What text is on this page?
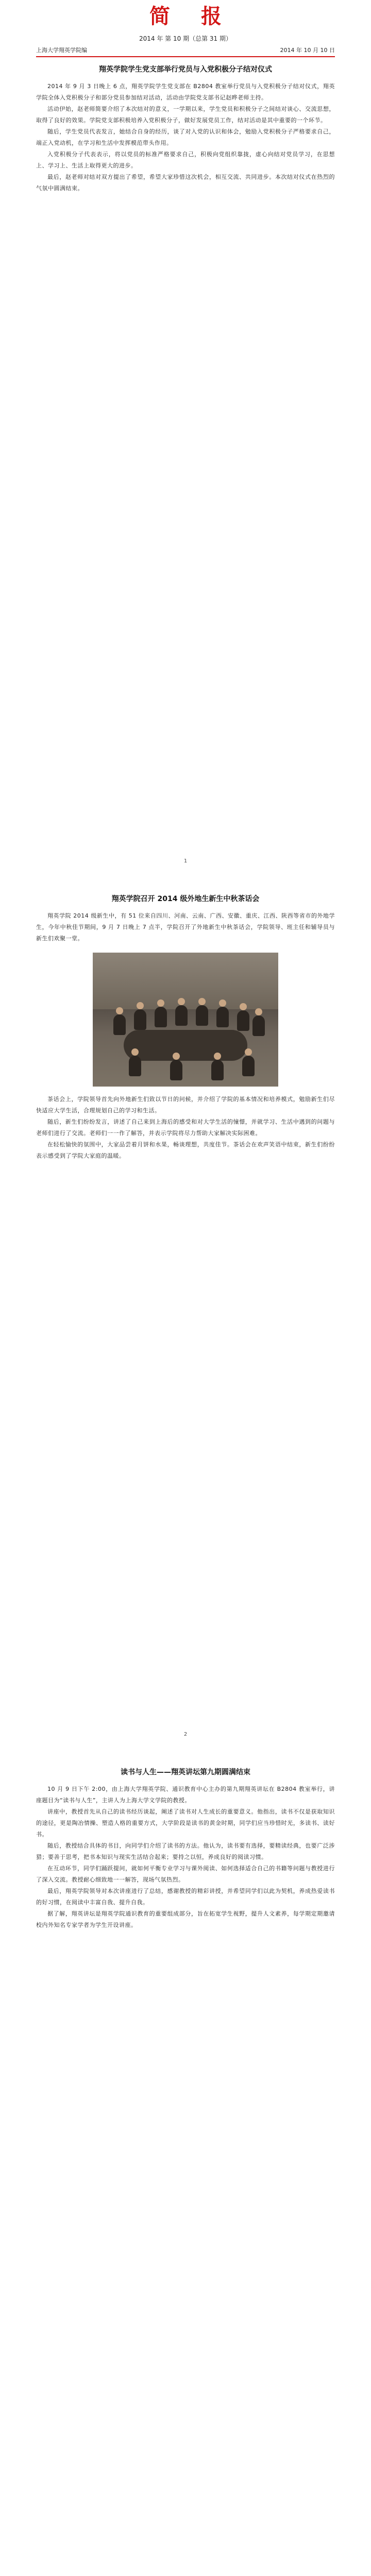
简报
2014 年 第 10 期（总第 31 期）
上海大学翔英学院编	2014 年 10 月 10 日
翔英学院学生党支部举行党员与入党积极分子结对仪式

2014 年 9 月 3 日晚上 6 点，翔英学院学生党支部在 B2804 教室举行党员与入党积极分子结对仪式，翔英学院全体入党积极分子和部分党员参加结对活动，活动由学院党支部书记赵晔老师主持。

活动伊始，赵老师简要介绍了本次结对的意义，一学期以来，学生党员和积极分子之间结对谈心、交流思想，取得了良好的效果。学院党支部积极培养入党积极分子，做好发展党员工作，结对活动是其中重要的一个环节。

随后，学生党员代表发言，她结合自身的经历，谈了对入党的认识和体会，勉励入党积极分子严格要求自己，端正入党动机，在学习和生活中发挥模范带头作用。

入党积极分子代表表示，将以党员的标准严格要求自己，积极向党组织靠拢，虚心向结对党员学习，在思想上、学习上、生活上取得更大的进步。

最后，赵老师对结对双方提出了希望，希望大家珍惜这次机会，相互交流、共同进步。本次结对仪式在热烈的气氛中圆满结束。

1
翔英学院召开 2014 级外地生新生中秋茶话会

翔英学院 2014 级新生中，有 51 位来自四川、河南、云南、广西、安徽、重庆、江西、陕西等省市的外地学生，今年中秋佳节期间，9 月 7 日晚上 7 点半，学院召开了外地新生中秋茶话会，学院领导、班主任和辅导员与新生们欢聚一堂。

茶话会上，学院领导首先向外地新生们致以节日的问候，并介绍了学院的基本情况和培养模式，勉励新生们尽快适应大学生活，合理规划自己的学习和生活。

随后，新生们纷纷发言，讲述了自己来到上海后的感受和对大学生活的憧憬，并就学习、生活中遇到的问题与老师们进行了交流。老师们一一作了解答，并表示学院将尽力帮助大家解决实际困难。

在轻松愉快的氛围中，大家品尝着月饼和水果，畅谈理想，共度佳节。茶话会在欢声笑语中结束，新生们纷纷表示感受到了学院大家庭的温暖。

2
读书与人生——翔英讲坛第九期圆满结束

10 月 9 日下午 2:00，由上海大学翔英学院、通识教育中心主办的第九期翔英讲坛在 B2804 教室举行，讲座题目为“读书与人生”，主讲人为上海大学文学院的教授。

讲座中，教授首先从自己的读书经历谈起，阐述了读书对人生成长的重要意义。他指出，读书不仅是获取知识的途径，更是陶冶情操、塑造人格的重要方式，大学阶段是读书的黄金时期，同学们应当珍惜时光，多读书、读好书。

随后，教授结合具体的书目，向同学们介绍了读书的方法。他认为，读书要有选择，要精读经典，也要广泛涉猎；要善于思考，把书本知识与现实生活结合起来；要持之以恒，养成良好的阅读习惯。

在互动环节，同学们踊跃提问，就如何平衡专业学习与课外阅读、如何选择适合自己的书籍等问题与教授进行了深入交流。教授耐心细致地一一解答，现场气氛热烈。

最后，翔英学院领导对本次讲座进行了总结，感谢教授的精彩讲授，并希望同学们以此为契机，养成热爱读书的好习惯，在阅读中丰富自我、提升自我。

据了解，翔英讲坛是翔英学院通识教育的重要组成部分，旨在拓宽学生视野，提升人文素养，每学期定期邀请校内外知名专家学者为学生开设讲座。
